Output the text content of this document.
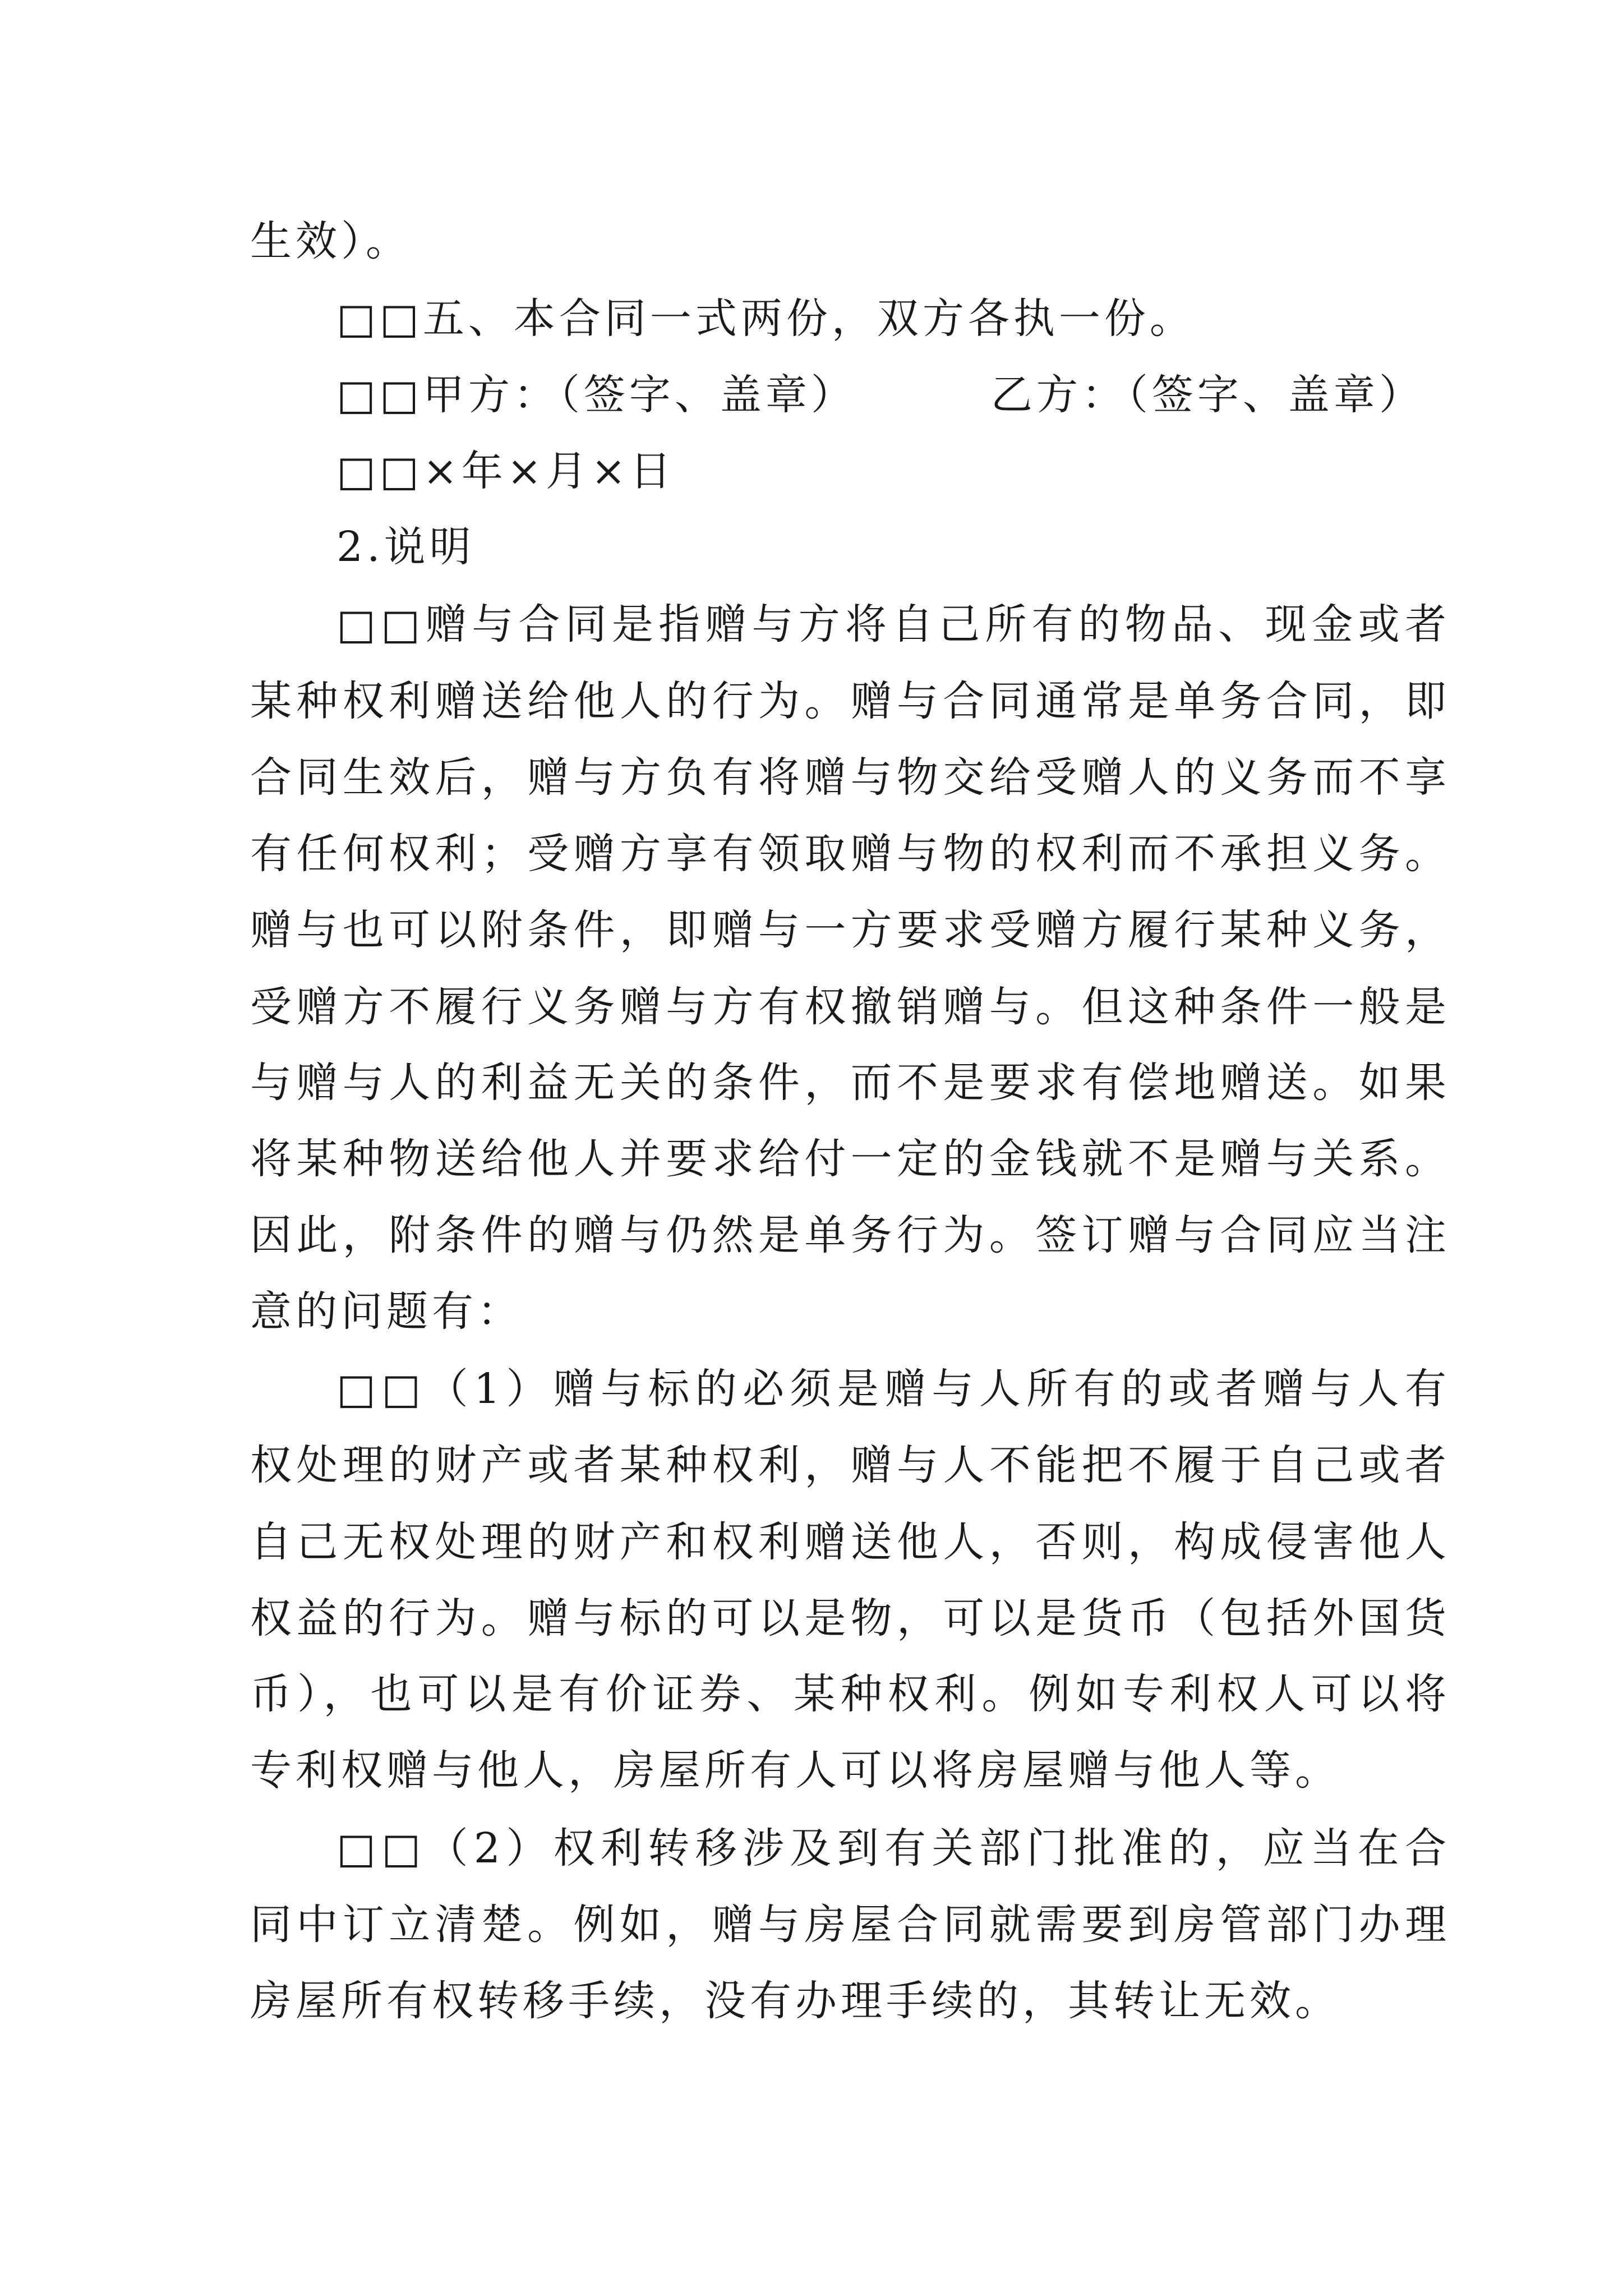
生效）。
□□五、本合同一式两份，双方各执一份。
□□甲方：（签字、盖章）	乙方：（签字、盖章）
□□×年×月×日
2.说明
□□赠与合同是指赠与方将自己所有的物品、现金或者
某种权利赠送给他人的行为。赠与合同通常是单务合同，即
合同生效后，赠与方负有将赠与物交给受赠人的义务而不享
有任何权利；受赠方享有领取赠与物的权利而不承担义务。
赠与也可以附条件，即赠与一方要求受赠方履行某种义务，
受赠方不履行义务赠与方有权撤销赠与。但这种条件一般是
与赠与人的利益无关的条件，而不是要求有偿地赠送。如果
将某种物送给他人并要求给付一定的金钱就不是赠与关系。
因此，附条件的赠与仍然是单务行为。签订赠与合同应当注
意的问题有：
□□（1）赠与标的必须是赠与人所有的或者赠与人有
权处理的财产或者某种权利，赠与人不能把不履于自己或者
自己无权处理的财产和权利赠送他人，否则，构成侵害他人
权益的行为。赠与标的可以是物，可以是货币（包括外国货
币），也可以是有价证券、某种权利。例如专利权人可以将
专利权赠与他人，房屋所有人可以将房屋赠与他人等。
□□（2）权利转移涉及到有关部门批准的，应当在合
同中订立清楚。例如，赠与房屋合同就需要到房管部门办理
房屋所有权转移手续，没有办理手续的，其转让无效。
